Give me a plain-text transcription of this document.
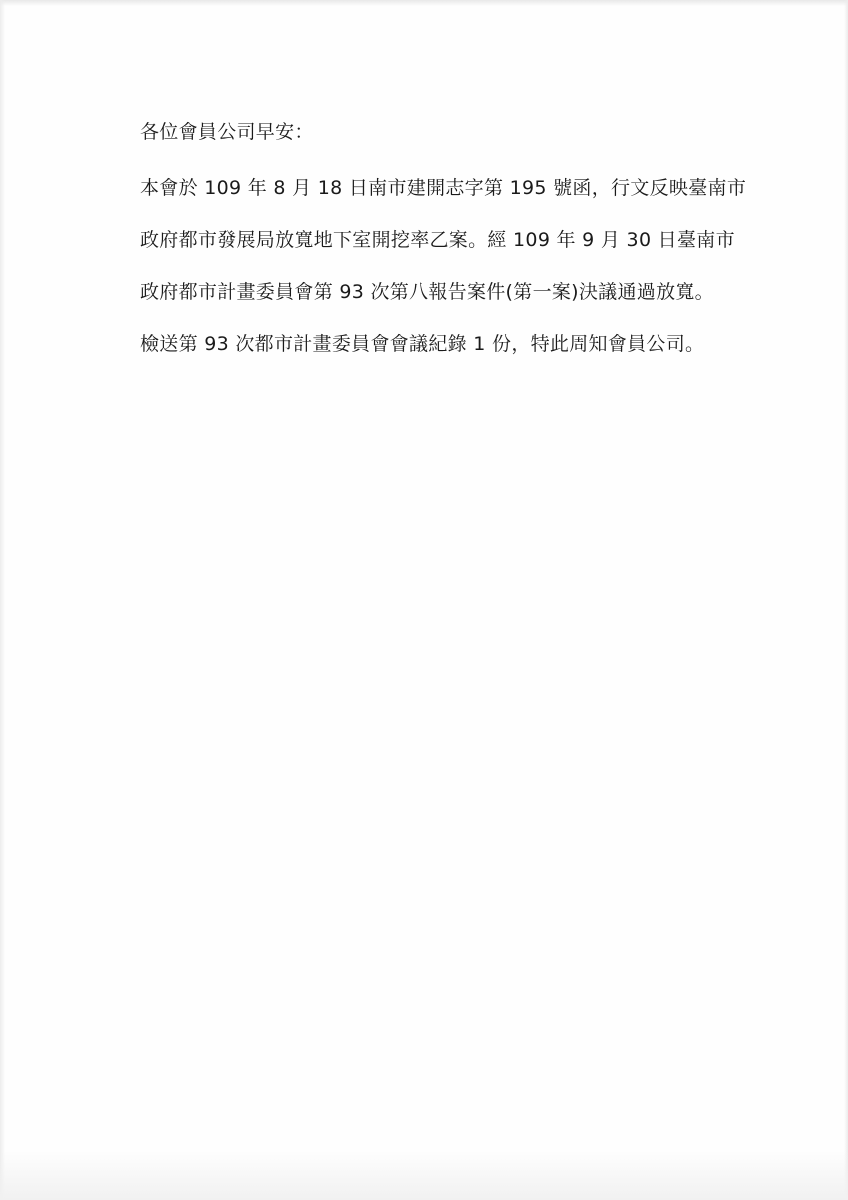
各位會員公司早安：
本會於 109 年 8 月 18 日南市建開志字第 195 號函，行文反映臺南市
政府都市發展局放寬地下室開挖率乙案。經 109 年 9 月 30 日臺南市
政府都市計畫委員會第 93 次第八報告案件(第一案)決議通過放寬。
檢送第 93 次都市計畫委員會會議紀錄 1 份，特此周知會員公司。
